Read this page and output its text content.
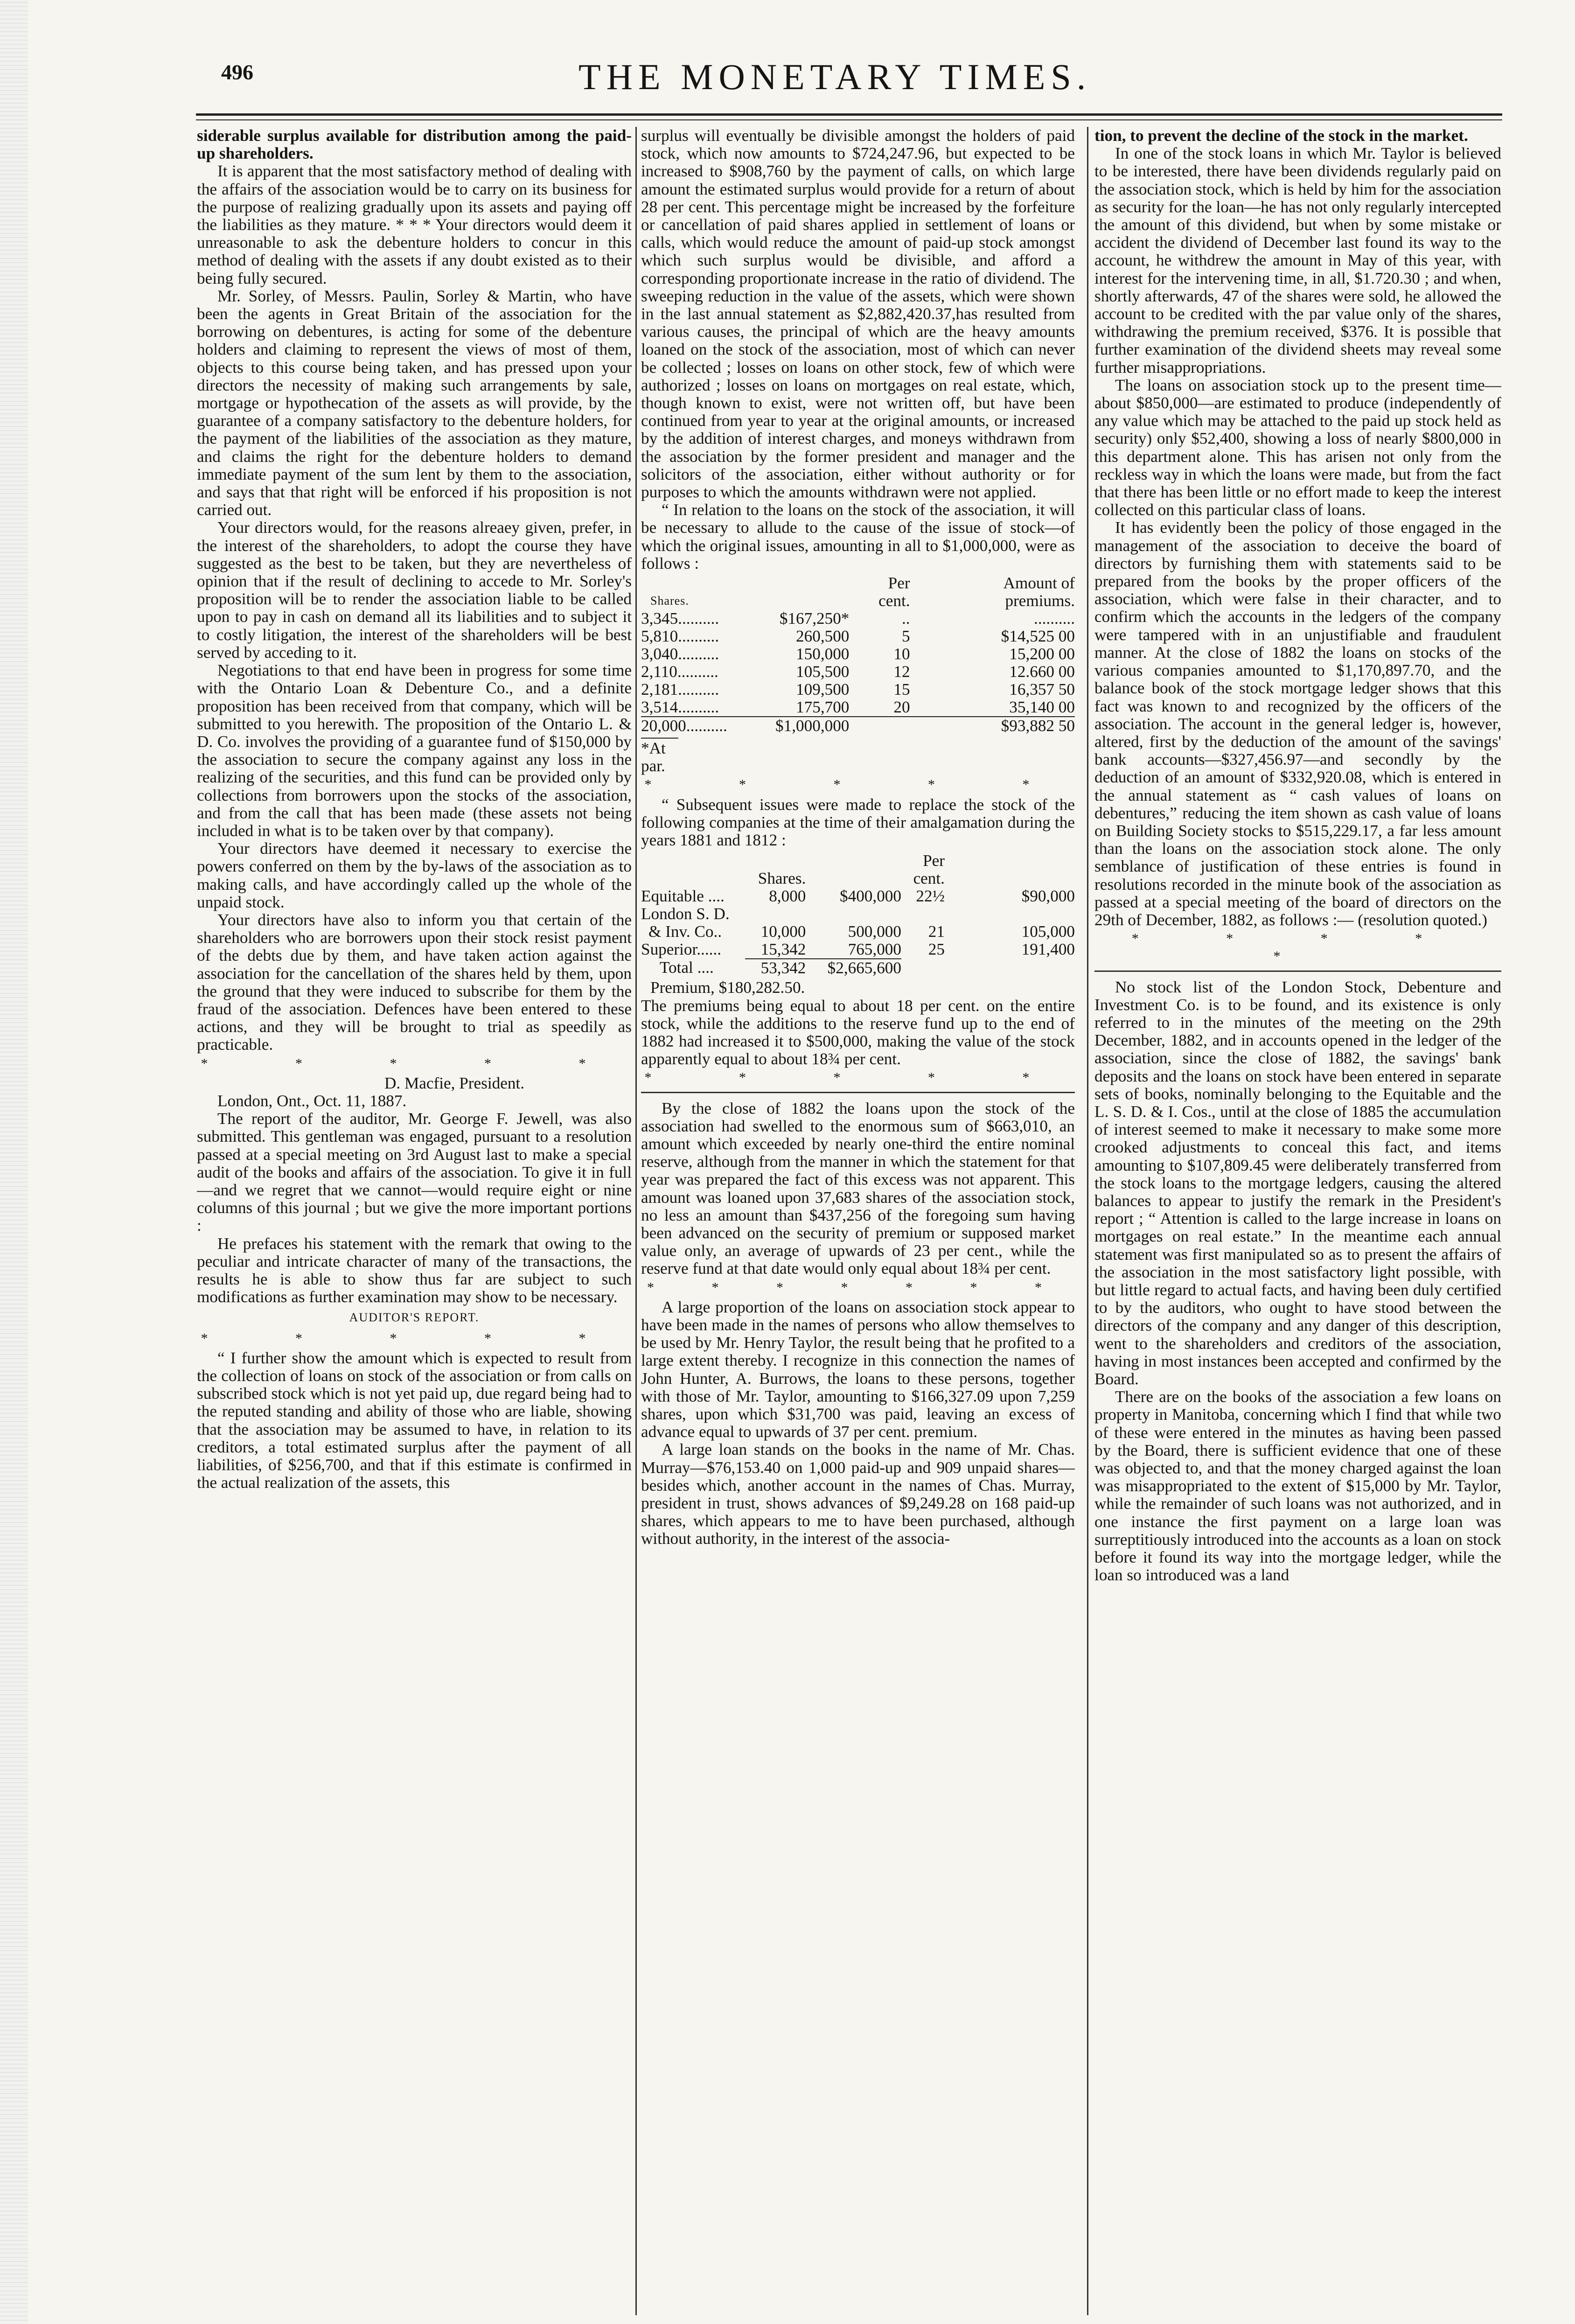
496	THE MONETARY TIMES.

siderable surplus available for distribution among the paid-up shareholders.

It is apparent that the most satisfactory method of dealing with the affairs of the association would be to carry on its business for the purpose of realizing gradually upon its assets and paying off the liabilities as they mature. * * * Your directors would deem it unreasonable to ask the debenture holders to concur in this method of dealing with the assets if any doubt existed as to their being fully secured.

Mr. Sorley, of Messrs. Paulin, Sorley & Martin, who have been the agents in Great Britain of the association for the borrowing on debentures, is acting for some of the debenture holders and claiming to represent the views of most of them, objects to this course being taken, and has pressed upon your directors the necessity of making such arrangements by sale, mortgage or hypothecation of the assets as will provide, by the guarantee of a company satisfactory to the debenture holders, for the payment of the liabilities of the association as they mature, and claims the right for the debenture holders to demand immediate payment of the sum lent by them to the association, and says that that right will be enforced if his proposition is not carried out.

Your directors would, for the reasons alreaey given, prefer, in the interest of the shareholders, to adopt the course they have suggested as the best to be taken, but they are nevertheless of opinion that if the result of declining to accede to Mr. Sorley's proposition will be to render the association liable to be called upon to pay in cash on demand all its liabilities and to subject it to costly litigation, the interest of the shareholders will be best served by acceding to it.

Negotiations to that end have been in progress for some time with the Ontario Loan & Debenture Co., and a definite proposition has been received from that company, which will be submitted to you herewith. The proposition of the Ontario L. & D. Co. involves the providing of a guarantee fund of $150,000 by the association to secure the company against any loss in the realizing of the securities, and this fund can be provided only by collections from borrowers upon the stocks of the association, and from the call that has been made (these assets not being included in what is to be taken over by that company).

Your directors have deemed it necessary to exercise the powers conferred on them by the by-laws of the association as to making calls, and have accordingly called up the whole of the unpaid stock.

Your directors have also to inform you that certain of the shareholders who are borrowers upon their stock resist payment of the debts due by them, and have taken action against the association for the cancellation of the shares held by them, upon the ground that they were induced to subscribe for them by the fraud of the association. Defences have been entered to these actions, and they will be brought to trial as speedily as practicable.

* * * * *

D. Macfie, President.

London, Ont., Oct. 11, 1887.

The report of the auditor, Mr. George F. Jewell, was also submitted. This gentleman was engaged, pursuant to a resolution passed at a special meeting on 3rd August last to make a special audit of the books and affairs of the association. To give it in full—and we regret that we cannot—would require eight or nine columns of this journal ; but we give the more important portions :

He prefaces his statement with the remark that owing to the peculiar and intricate character of many of the transactions, the results he is able to show thus far are subject to such modifications as further examination may show to be necessary.

AUDITOR'S REPORT.
* * * * *

“ I further show the amount which is expected to result from the collection of loans on stock of the association or from calls on subscribed stock which is not yet paid up, due regard being had to the reputed standing and ability of those who are liable, showing that the association may be assumed to have, in relation to its creditors, a total estimated surplus after the payment of all liabilities, of $256,700, and that if this estimate is confirmed in the actual realization of the assets, this

surplus will eventually be divisible amongst the holders of paid stock, which now amounts to $724,247.96, but expected to be increased to $908,760 by the payment of calls, on which large amount the estimated surplus would provide for a return of about 28 per cent. This percentage might be increased by the forfeiture or cancellation of paid shares applied in settlement of loans or calls, which would reduce the amount of paid-up stock amongst which such surplus would be divisible, and afford a corresponding proportionate increase in the ratio of dividend. The sweeping reduction in the value of the assets, which were shown in the last annual statement as $2,882,420.37,has resulted from various causes, the principal of which are the heavy amounts loaned on the stock of the association, most of which can never be collected ; losses on loans on other stock, few of which were authorized ; losses on loans on mortgages on real estate, which, though known to exist, were not written off, but have been continued from year to year at the original amounts, or increased by the addition of interest charges, and moneys withdrawn from the association by the former president and manager and the solicitors of the association, either without authority or for purposes to which the amounts withdrawn were not applied.

“ In relation to the loans on the stock of the association, it will be necessary to allude to the cause of the issue of stock—of which the original issues, amounting in all to $1,000,000, were as follows :

		Per	Amount of
Shares.		cent.	premiums.
3,345..........	$167,250*	..	..........
5,810..........	260,500	5	$14,525 00
3,040..........	150,000	10	15,200 00
2,110..........	105,500	12	12.660 00
2,181..........	109,500	15	16,357 50
3,514..........	175,700	20	35,140 00
20,000..........	$1,000,000		$93,882 50

*At par.

* * * * *

“ Subsequent issues were made to replace the stock of the following companies at the time of their amalgamation during the years 1881 and 1812 :

			Per	
	Shares.		cent.	
Equitable ....	8,000	$400,000	22½	$90,000
London S. D.				
& Inv. Co..	10,000	500,000	21	105,000
Superior......	15,342	765,000	25	191,400
Total ....	53,342	$2,665,600		

Premium, $180,282.50.

The premiums being equal to about 18 per cent. on the entire stock, while the additions to the reserve fund up to the end of 1882 had increased it to $500,000, making the value of the stock apparently equal to about 18¾ per cent.

* * * * *

By the close of 1882 the loans upon the stock of the association had swelled to the enormous sum of $663,010, an amount which exceeded by nearly one-third the entire nominal reserve, although from the manner in which the statement for that year was prepared the fact of this excess was not apparent. This amount was loaned upon 37,683 shares of the association stock, no less an amount than $437,256 of the foregoing sum having been advanced on the security of premium or supposed market value only, an average of upwards of 23 per cent., while the reserve fund at that date would only equal about 18¾ per cent.

* * * * * * *

A large proportion of the loans on association stock appear to have been made in the names of persons who allow themselves to be used by Mr. Henry Taylor, the result being that he profited to a large extent thereby. I recognize in this connection the names of John Hunter, A. Burrows, the loans to these persons, together with those of Mr. Taylor, amounting to $166,327.09 upon 7,259 shares, upon which $31,700 was paid, leaving an excess of advance equal to upwards of 37 per cent. premium.

A large loan stands on the books in the name of Mr. Chas. Murray—$76,153.40 on 1,000 paid-up and 909 unpaid shares—besides which, another account in the names of Chas. Murray, president in trust, shows advances of $9,249.28 on 168 paid-up shares, which appears to me to have been purchased, although without authority, in the interest of the associa-

tion, to prevent the decline of the stock in the market.

In one of the stock loans in which Mr. Taylor is believed to be interested, there have been dividends regularly paid on the association stock, which is held by him for the association as security for the loan—he has not only regularly intercepted the amount of this dividend, but when by some mistake or accident the dividend of December last found its way to the account, he withdrew the amount in May of this year, with interest for the intervening time, in all, $1.720.30 ; and when, shortly afterwards, 47 of the shares were sold, he allowed the account to be credited with the par value only of the shares, withdrawing the premium received, $376. It is possible that further examination of the dividend sheets may reveal some further misappropriations.

The loans on association stock up to the present time—about $850,000—are estimated to produce (independently of any value which may be attached to the paid up stock held as security) only $52,400, showing a loss of nearly $800,000 in this department alone. This has arisen not only from the reckless way in which the loans were made, but from the fact that there has been little or no effort made to keep the interest collected on this particular class of loans.

It has evidently been the policy of those engaged in the management of the association to deceive the board of directors by furnishing them with statements said to be prepared from the books by the proper officers of the association, which were false in their character, and to confirm which the accounts in the ledgers of the company were tampered with in an unjustifiable and fraudulent manner. At the close of 1882 the loans on stocks of the various companies amounted to $1,170,897.70, and the balance book of the stock mortgage ledger shows that this fact was known to and recognized by the officers of the association. The account in the general ledger is, however, altered, first by the deduction of the amount of the savings' bank accounts—$327,456.97—and secondly by the deduction of an amount of $332,920.08, which is entered in the annual statement as “ cash values of loans on debentures,” reducing the item shown as cash value of loans on Building Society stocks to $515,229.17, a far less amount than the loans on the association stock alone. The only semblance of justification of these entries is found in resolutions recorded in the minute book of the association as passed at a special meeting of the board of directors on the 29th of December, 1882, as follows :— (resolution quoted.)

* * * * *

No stock list of the London Stock, Debenture and Investment Co. is to be found, and its existence is only referred to in the minutes of the meeting on the 29th December, 1882, and in accounts opened in the ledger of the association, since the close of 1882, the savings' bank deposits and the loans on stock have been entered in separate sets of books, nominally belonging to the Equitable and the L. S. D. & I. Cos., until at the close of 1885 the accumulation of interest seemed to make it necessary to make some more crooked adjustments to conceal this fact, and items amounting to $107,809.45 were deliberately transferred from the stock loans to the mortgage ledgers, causing the altered balances to appear to justify the remark in the President's report ; “ Attention is called to the large increase in loans on mortgages on real estate.” In the meantime each annual statement was first manipulated so as to present the affairs of the association in the most satisfactory light possible, with but little regard to actual facts, and having been duly certified to by the auditors, who ought to have stood between the directors of the company and any danger of this description, went to the shareholders and creditors of the association, having in most instances been accepted and confirmed by the Board.

There are on the books of the association a few loans on property in Manitoba, concerning which I find that while two of these were entered in the minutes as having been passed by the Board, there is sufficient evidence that one of these was objected to, and that the money charged against the loan was misappropriated to the extent of $15,000 by Mr. Taylor, while the remainder of such loans was not authorized, and in one instance the first payment on a large loan was surreptitiously introduced into the accounts as a loan on stock before it found its way into the mortgage ledger, while the loan so introduced was a land
